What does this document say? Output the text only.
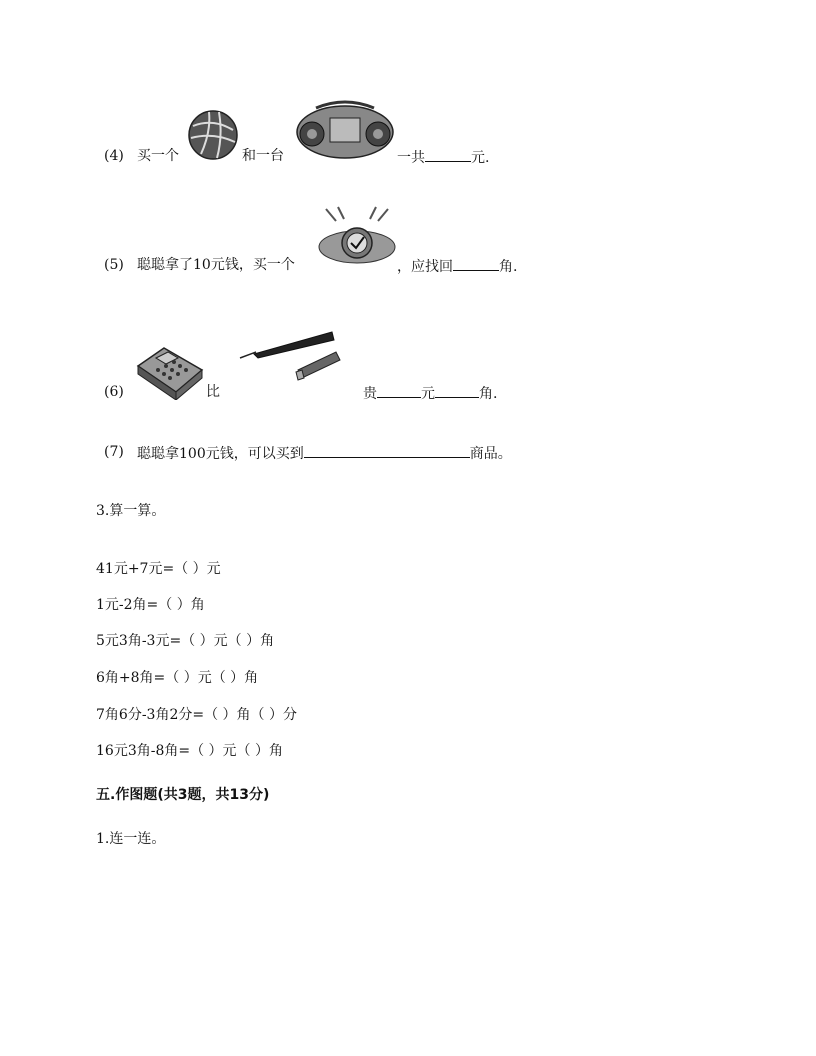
(4) 买一个	和一台	一共	元.
(5) 聪聪拿了10元钱，买一个	，应找回	角.
(6)	比	贵	元	角.
(7) 聪聪拿100元钱，可以买到	商品。
3.算一算。
41元+7元=（ ）元
1元-2角=（ ）角
5元3角-3元=（ ）元（ ）角
6角+8角=（ ）元（ ）角
7角6分-3角2分=（ ）角（ ）分
16元3角-8角=（ ）元（ ）角
五.作图题(共3题，共13分)
1.连一连。
